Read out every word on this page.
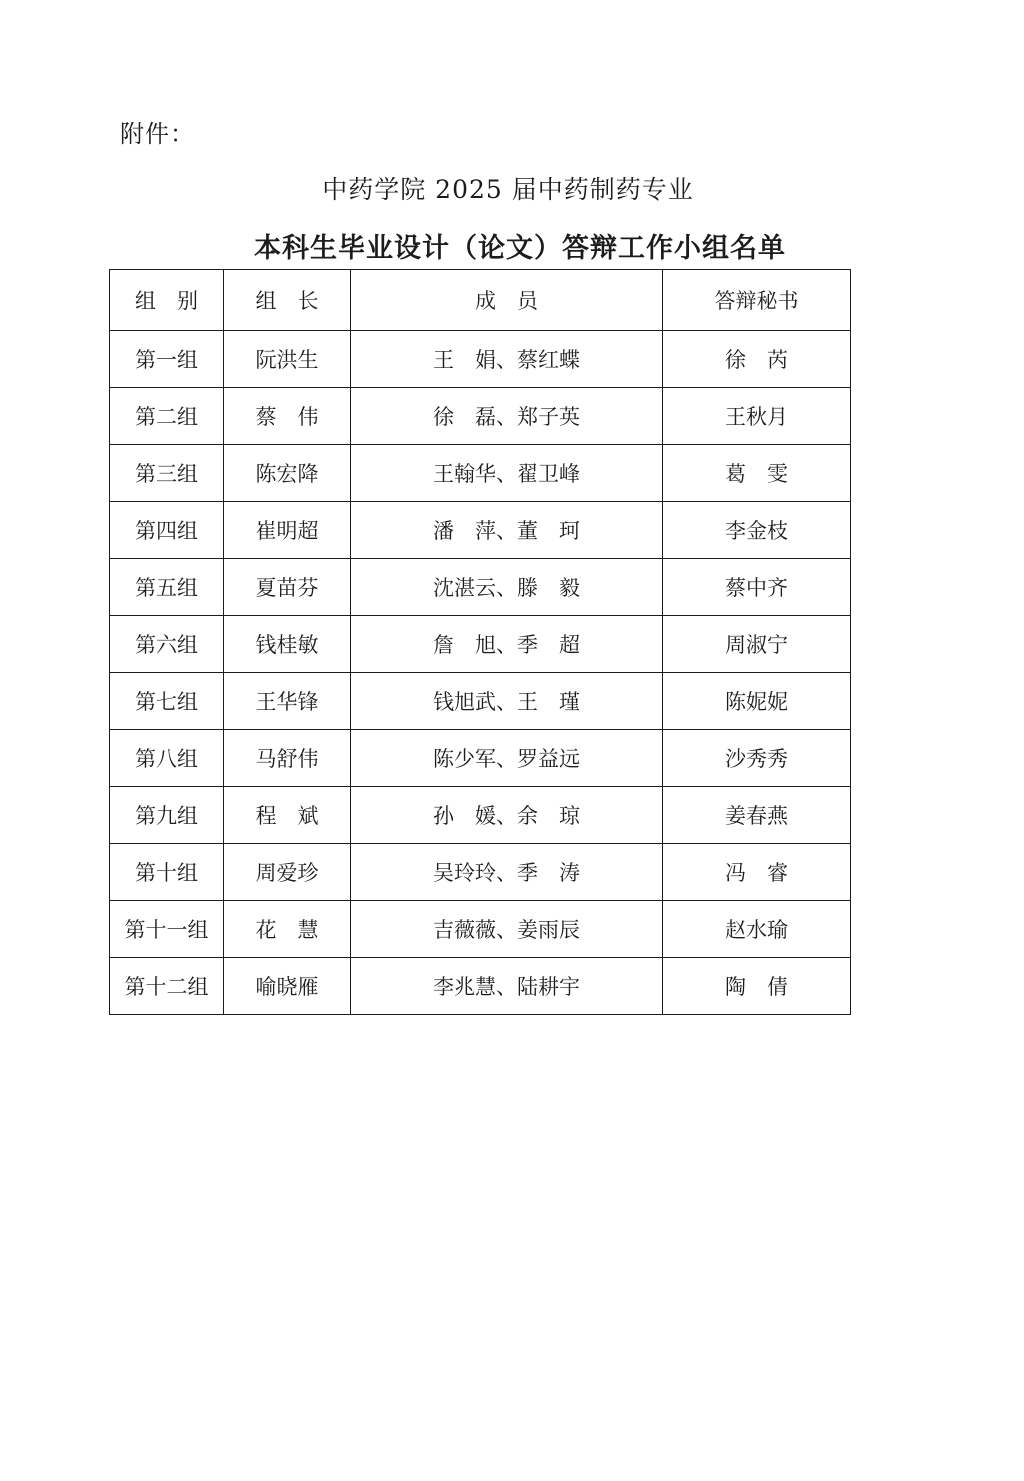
附件：
中药学院 2025 届中药制药专业
本科生毕业设计（论文）答辩工作小组名单
组　别	组　长	成　员	答辩秘书
第一组	阮洪生	王　娟、蔡红蝶	徐　芮
第二组	蔡　伟	徐　磊、郑子英	王秋月
第三组	陈宏降	王翰华、翟卫峰	葛　雯
第四组	崔明超	潘　萍、董　珂	李金枝
第五组	夏苗芬	沈湛云、滕　毅	蔡中齐
第六组	钱桂敏	詹　旭、季　超	周淑宁
第七组	王华锋	钱旭武、王　瑾	陈妮妮
第八组	马舒伟	陈少军、罗益远	沙秀秀
第九组	程　斌	孙　媛、余　琼	姜春燕
第十组	周爱珍	吴玲玲、季　涛	冯　睿
第十一组	花　慧	吉薇薇、姜雨辰	赵水瑜
第十二组	喻晓雁	李兆慧、陆耕宇	陶　倩
